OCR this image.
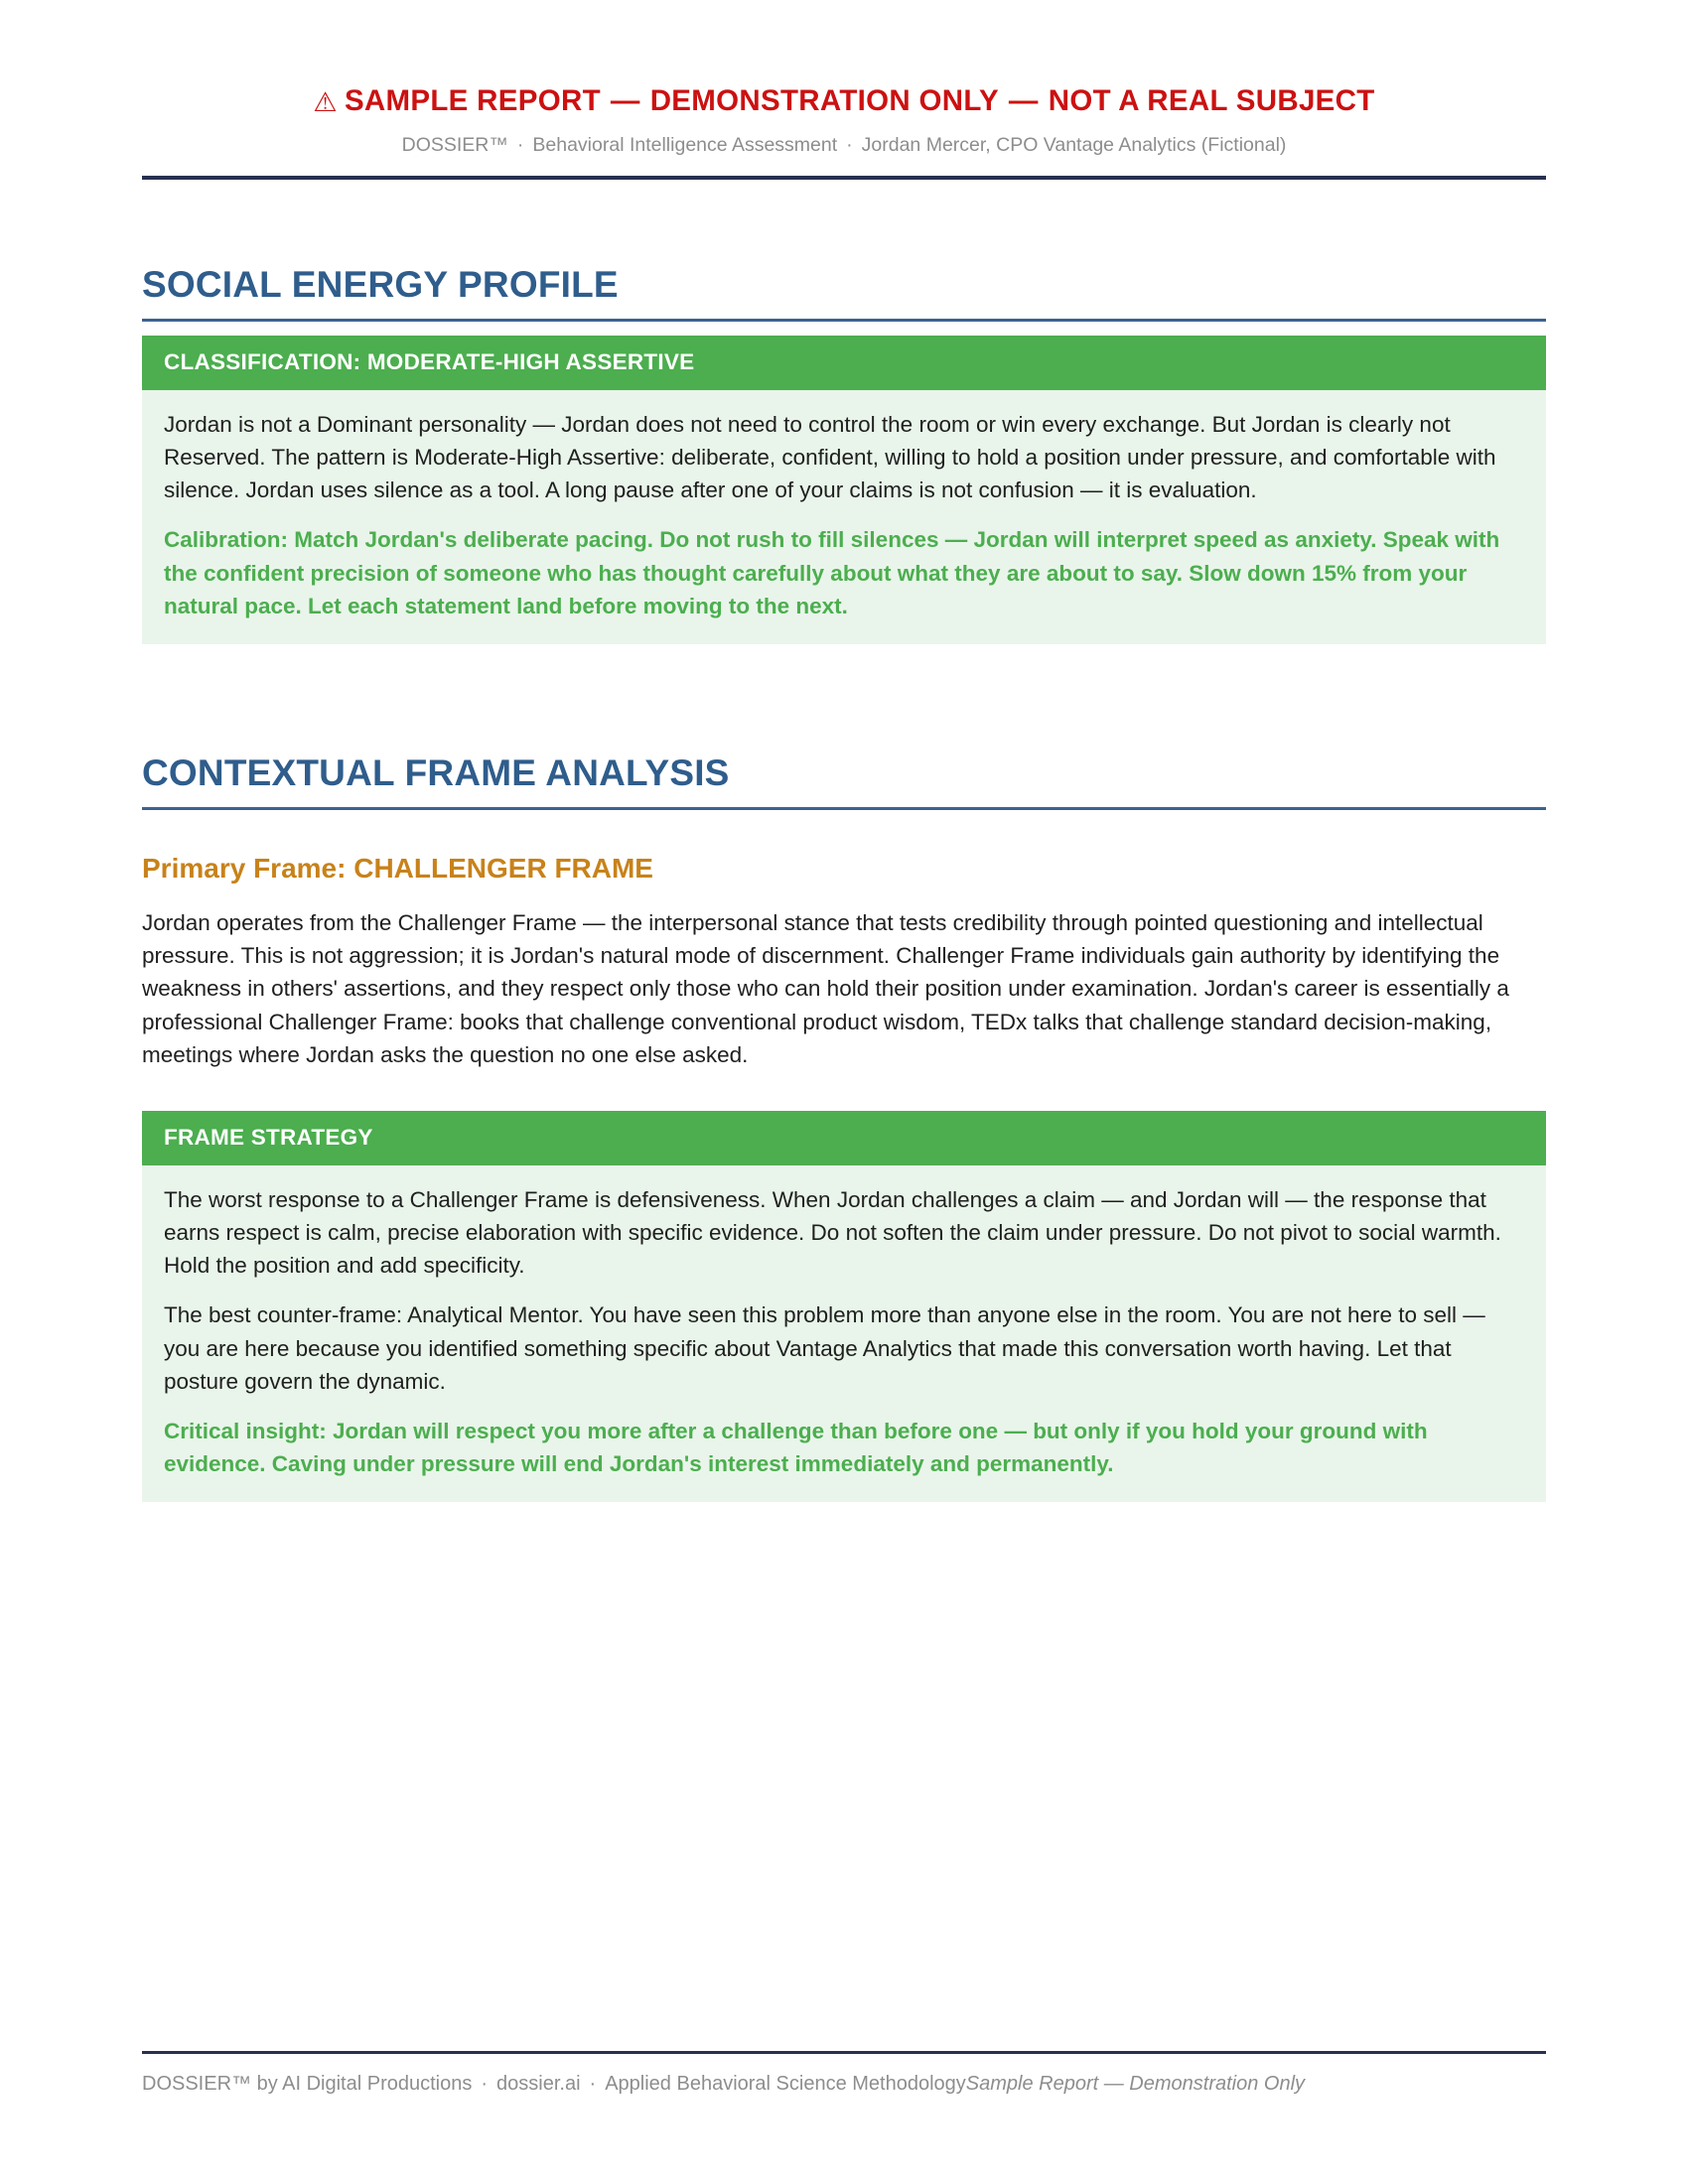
⚠ SAMPLE REPORT — DEMONSTRATION ONLY — NOT A REAL SUBJECT
DOSSIER™ · Behavioral Intelligence Assessment · Jordan Mercer, CPO Vantage Analytics (Fictional)
SOCIAL ENERGY PROFILE
CLASSIFICATION: MODERATE-HIGH ASSERTIVE

Jordan is not a Dominant personality — Jordan does not need to control the room or win every exchange. But Jordan is clearly not Reserved. The pattern is Moderate-High Assertive: deliberate, confident, willing to hold a position under pressure, and comfortable with silence. Jordan uses silence as a tool. A long pause after one of your claims is not confusion — it is evaluation.

Calibration: Match Jordan's deliberate pacing. Do not rush to fill silences — Jordan will interpret speed as anxiety. Speak with the confident precision of someone who has thought carefully about what they are about to say. Slow down 15% from your natural pace. Let each statement land before moving to the next.

CONTEXTUAL FRAME ANALYSIS
Primary Frame: CHALLENGER FRAME

Jordan operates from the Challenger Frame — the interpersonal stance that tests credibility through pointed questioning and intellectual pressure. This is not aggression; it is Jordan's natural mode of discernment. Challenger Frame individuals gain authority by identifying the weakness in others' assertions, and they respect only those who can hold their position under examination. Jordan's career is essentially a professional Challenger Frame: books that challenge conventional product wisdom, TEDx talks that challenge standard decision-making, meetings where Jordan asks the question no one else asked.

FRAME STRATEGY

The worst response to a Challenger Frame is defensiveness. When Jordan challenges a claim — and Jordan will — the response that earns respect is calm, precise elaboration with specific evidence. Do not soften the claim under pressure. Do not pivot to social warmth. Hold the position and add specificity.

The best counter-frame: Analytical Mentor. You have seen this problem more than anyone else in the room. You are not here to sell — you are here because you identified something specific about Vantage Analytics that made this conversation worth having. Let that posture govern the dynamic.

Critical insight: Jordan will respect you more after a challenge than before one — but only if you hold your ground with evidence. Caving under pressure will end Jordan's interest immediately and permanently.

DOSSIER™ by AI Digital Productions · dossier.ai · Applied Behavioral Science MethodologySample Report — Demonstration Only
